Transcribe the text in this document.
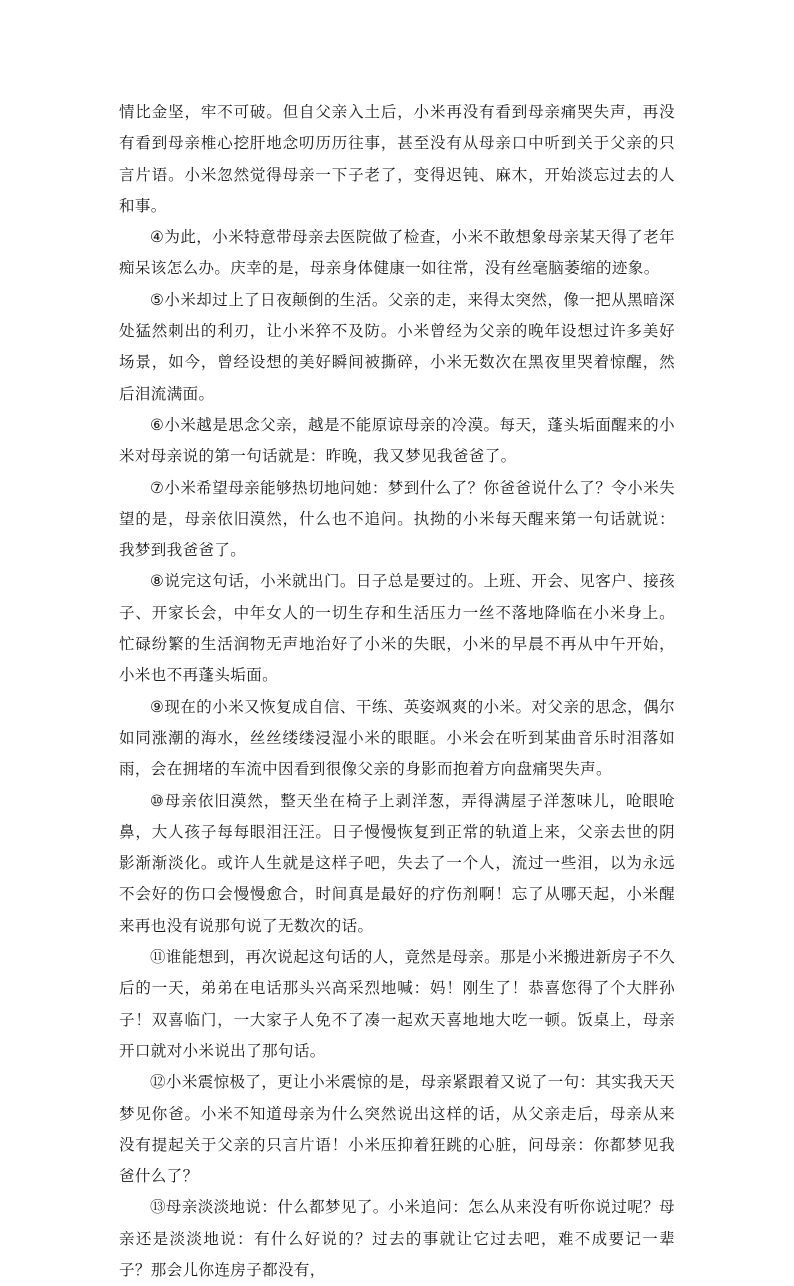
情比金坚，牢不可破。但自父亲入土后，小米再没有看到母亲痛哭失声，再没有看到母亲椎心挖肝地念叨历历往事，甚至没有从母亲口中听到关于父亲的只言片语。小米忽然觉得母亲一下子老了，变得迟钝、麻木，开始淡忘过去的人和事。

④为此，小米特意带母亲去医院做了检查，小米不敢想象母亲某天得了老年痴呆该怎么办。庆幸的是，母亲身体健康一如往常，没有丝毫脑萎缩的迹象。

⑤小米却过上了日夜颠倒的生活。父亲的走，来得太突然，像一把从黑暗深处猛然刺出的利刃，让小米猝不及防。小米曾经为父亲的晚年设想过许多美好场景，如今，曾经设想的美好瞬间被撕碎，小米无数次在黑夜里哭着惊醒，然后泪流满面。

⑥小米越是思念父亲，越是不能原谅母亲的冷漠。每天，蓬头垢面醒来的小米对母亲说的第一句话就是：昨晚，我又梦见我爸爸了。

⑦小米希望母亲能够热切地问她：梦到什么了？你爸爸说什么了？令小米失望的是，母亲依旧漠然，什么也不追问。执拗的小米每天醒来第一句话就说：我梦到我爸爸了。

⑧说完这句话，小米就出门。日子总是要过的。上班、开会、见客户、接孩子、开家长会，中年女人的一切生存和生活压力一丝不落地降临在小米身上。忙碌纷繁的生活润物无声地治好了小米的失眠，小米的早晨不再从中午开始，小米也不再蓬头垢面。

⑨现在的小米又恢复成自信、干练、英姿飒爽的小米。对父亲的思念，偶尔如同涨潮的海水，丝丝缕缕浸湿小米的眼眶。小米会在听到某曲音乐时泪落如雨，会在拥堵的车流中因看到很像父亲的身影而抱着方向盘痛哭失声。

⑩母亲依旧漠然，整天坐在椅子上剥洋葱，弄得满屋子洋葱味儿，呛眼呛鼻，大人孩子每每眼泪汪汪。日子慢慢恢复到正常的轨道上来，父亲去世的阴影渐渐淡化。或许人生就是这样子吧，失去了一个人，流过一些泪，以为永远不会好的伤口会慢慢愈合，时间真是最好的疗伤剂啊！忘了从哪天起，小米醒来再也没有说那句说了无数次的话。

⑪谁能想到，再次说起这句话的人，竟然是母亲。那是小米搬进新房子不久后的一天，弟弟在电话那头兴高采烈地喊：妈！刚生了！恭喜您得了个大胖孙子！双喜临门，一大家子人免不了凑一起欢天喜地地大吃一顿。饭桌上，母亲开口就对小米说出了那句话。

⑫小米震惊极了，更让小米震惊的是，母亲紧跟着又说了一句：其实我天天梦见你爸。小米不知道母亲为什么突然说出这样的话，从父亲走后，母亲从来没有提起关于父亲的只言片语！小米压抑着狂跳的心脏，问母亲：你都梦见我爸什么了？

⑬母亲淡淡地说：什么都梦见了。小米追问：怎么从来没有听你说过呢？母亲还是淡淡地说：有什么好说的？过去的事就让它过去吧，难不成要记一辈子？那会儿你连房子都没有，
